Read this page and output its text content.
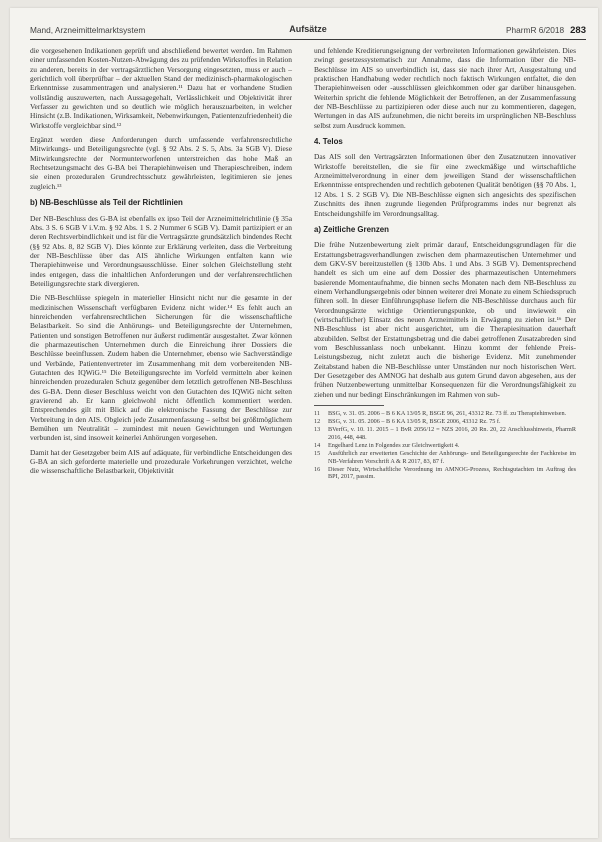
Mand, Arzneimittelmarktsystem	Aufsätze	PharmR 6/2018 283

die vorgesehenen Indikationen geprüft und abschließend bewertet werden. Im Rahmen einer umfassenden Kosten-Nutzen-Abwägung des zu prüfenden Wirkstoffes in Relation zu anderen, bereits in der vertragsärztlichen Versorgung eingesetzten, muss er auch – gerichtlich voll überprüfbar – der aktuellen Stand der medizinisch-pharmakologischen Erkenntnisse zusammentragen und analysieren.¹¹ Dazu hat er vorhandene Studien vollständig auszuwerten, nach Aussagegehalt, Verlässlichkeit und Objektivität ihrer Verfasser zu gewichten und so deutlich wie möglich herauszuarbeiten, in welcher Hinsicht (z.B. Indikationen, Wirksamkeit, Nebenwirkungen, Patientenzufriedenheit) die Wirkstoffe vergleichbar sind.¹²

Ergänzt werden diese Anforderungen durch umfassende verfahrensrechtliche Mitwirkungs- und Beteiligungsrechte (vgl. § 92 Abs. 2 S. 5, Abs. 3a SGB V). Diese Mitwirkungsrechte der Normunterworfenen unterstreichen das hohe Maß an Rechtsetzungsmacht des G-BA bei Therapiehinweisen und Therapieschreiben, indem sie einen prozeduralen Grundrechtsschutz gewährleisten, legitimieren sie jenes zugleich.¹³

b) NB-Beschlüsse als Teil der Richtlinien

Der NB-Beschluss des G-BA ist ebenfalls ex ipso Teil der Arzneimittelrichtlinie (§ 35a Abs. 3 S. 6 SGB V i.V.m. § 92 Abs. 1 S. 2 Nummer 6 SGB V). Damit partizipiert er an deren Rechtsverbindlichkeit und ist für die Vertragsärzte grundsätzlich bindendes Recht (§§ 92 Abs. 8, 82 SGB V). Dies könnte zur Erklärung verleiten, dass die Verbreitung der NB-Beschlüsse über das AIS ähnliche Wirkungen entfalten kann wie Therapiehinweise und Verordnungsausschlüsse. Einer solchen Gleichstellung steht indes entgegen, dass die inhaltlichen Anforderungen und der verfahrensrechtlichen Beteiligungsrechte stark divergieren.

Die NB-Beschlüsse spiegeln in materieller Hinsicht nicht nur die gesamte in der medizinischen Wissenschaft verfügbaren Evidenz nicht wider.¹⁴ Es fehlt auch an hinreichenden verfahrensrechtlichen Sicherungen für die wissenschaftliche Belastbarkeit. So sind die Anhörungs- und Beteiligungsrechte der Unternehmen, Patienten und sonstigen Betroffenen nur äußerst rudimentär ausgestaltet. Zwar können die pharmazeutischen Unternehmen durch die Einreichung ihrer Dossiers die Beschlüsse beeinflussen. Zudem haben die Unternehmer, ebenso wie Sachverständige und Verbände, Patientenvertreter im Zusammenhang mit dem vorbereitenden NB-Gutachten des IQWiG.¹⁵ Die Beteiligungsrechte im Vorfeld vermitteln aber keinen hinreichenden prozeduralen Schutz gegenüber dem letztlich getroffenen NB-Beschluss des G-BA. Denn dieser Beschluss weicht von den Gutachten des IQWiG nicht selten gravierend ab. Er kann gleichwohl nicht öffentlich kommentiert werden. Entsprechendes gilt mit Blick auf die elektronische Fassung der Beschlüsse zur Verbreitung in den AIS. Obgleich jede Zusammenfassung – selbst bei größtmöglichem Bemühen um Neutralität – zumindest mit neuen Gewichtungen und Wertungen verbunden ist, sind insoweit keinerlei Anhörungen vorgesehen.

Damit hat der Gesetzgeber beim AIS auf adäquate, für verbindliche Entscheidungen des G-BA an sich geforderte materielle und prozedurale Vorkehrungen verzichtet, welche die wissenschaftliche Belastbarkeit, Objektivität

und fehlende Kreditierungseignung der verbreiteten Informationen gewährleisten. Dies zwingt gesetzessystematisch zur Annahme, dass die Information über die NB-Beschlüsse im AIS so unverbindlich ist, dass sie nach ihrer Art, Ausgestaltung und praktischen Handhabung weder rechtlich noch faktisch Wirkungen entfaltet, die den Therapiehinweisen oder -ausschlüssen gleichkommen oder gar darüber hinausgehen. Weiterhin spricht die fehlende Möglichkeit der Betroffenen, an der Zusammenfassung der NB-Beschlüsse zu partizipieren oder diese auch nur zu kommentieren, dagegen, Wertungen in das AIS aufzunehmen, die nicht bereits im ursprünglichen NB-Beschluss selbst zum Ausdruck kommen.

4. Telos

Das AIS soll den Vertragsärzten Informationen über den Zusatznutzen innovativer Wirkstoffe bereitstellen, die sie für eine zweckmäßige und wirtschaftliche Arzneimittelverordnung in einer dem jeweiligen Stand der wissenschaftlichen Erkenntnisse entsprechenden und rechtlich gebotenen Qualität benötigen (§§ 70 Abs. 1, 12 Abs. 1 S. 2 SGB V). Die NB-Beschlüsse eignen sich angesichts des spezifischen Zuschnitts des ihnen zugrunde liegenden Prüfprogramms indes nur begrenzt als Entscheidungshilfe im Verordnungsalltag.

a) Zeitliche Grenzen

Die frühe Nutzenbewertung zielt primär darauf, Entscheidungsgrundlagen für die Erstattungsbetragsverhandlungen zwischen dem pharmazeutischen Unternehmer und dem GKV-SV bereitzustellen (§ 130b Abs. 1 und Abs. 3 SGB V). Dementsprechend handelt es sich um eine auf dem Dossier des pharmazeutischen Unternehmers basierende Momentaufnahme, die binnen sechs Monaten nach dem NB-Beschluss zu einem Verhandlungsergebnis oder binnen weiterer drei Monate zu einem Schiedsspruch führen soll. In dieser Einführungsphase liefern die NB-Beschlüsse durchaus auch für Verordnungsärzte wichtige Orientierungspunkte, ob und inwieweit ein (wirtschaftlicher) Einsatz des neuen Arzneimittels in Erwägung zu ziehen ist.¹⁶ Der NB-Beschluss ist aber nicht ausgerichtet, um die Therapiesituation dauerhaft abzubilden. Selbst der Erstattungsbetrag und die dabei getroffenen Zusatzabreden sind vom Beschlussanlass noch unbekannt. Hinzu kommt der fehlende Preis-Leistungsbezug, nicht zuletzt auch die bisherige Evidenz. Mit zunehmender Zeitabstand haben die NB-Beschlüsse unter Umständen nur noch historischen Wert. Der Gesetzgeber des AMNOG hat deshalb aus gutem Grund davon abgesehen, aus der frühen Nutzenbewertung unmittelbar Konsequenzen für die Verordnungsfähigkeit zu ziehen und nur bedingt Einschränkungen im Rahmen von sub-

11	BSG, v. 31. 05. 2006 – B 6 KA 13/05 R, BSGE 96, 261, 43312 Rz. 73 ff. zu Therapiehinweisen.
12	BSG, v. 31. 05. 2006 – B 6 KA 13/05 R, BSGE 2006, 43312 Rz. 75 f.
13	BVerfG, v. 10. 11. 2015 – 1 BvR 2056/12 = NZS 2016, 20 Rn. 20, 22 Anschlusshinweis, PharmR 2016, 448, 448.
14	Engelhard Lenz in Folgendes zur Gleichwertigkeit 4.
15	Ausführlich zur erweiterten Geschichte der Anhörungs- und Beteiligungsrechte der Fachkreise im NB-Verfahren Vorschrift A & R 2017, 83, 87 f.
16	Dieser Nutz, Wirtschaftliche Verordnung im AMNOG-Prozess, Rechtsgutachten im Auftrag des BPI, 2017, passim.
